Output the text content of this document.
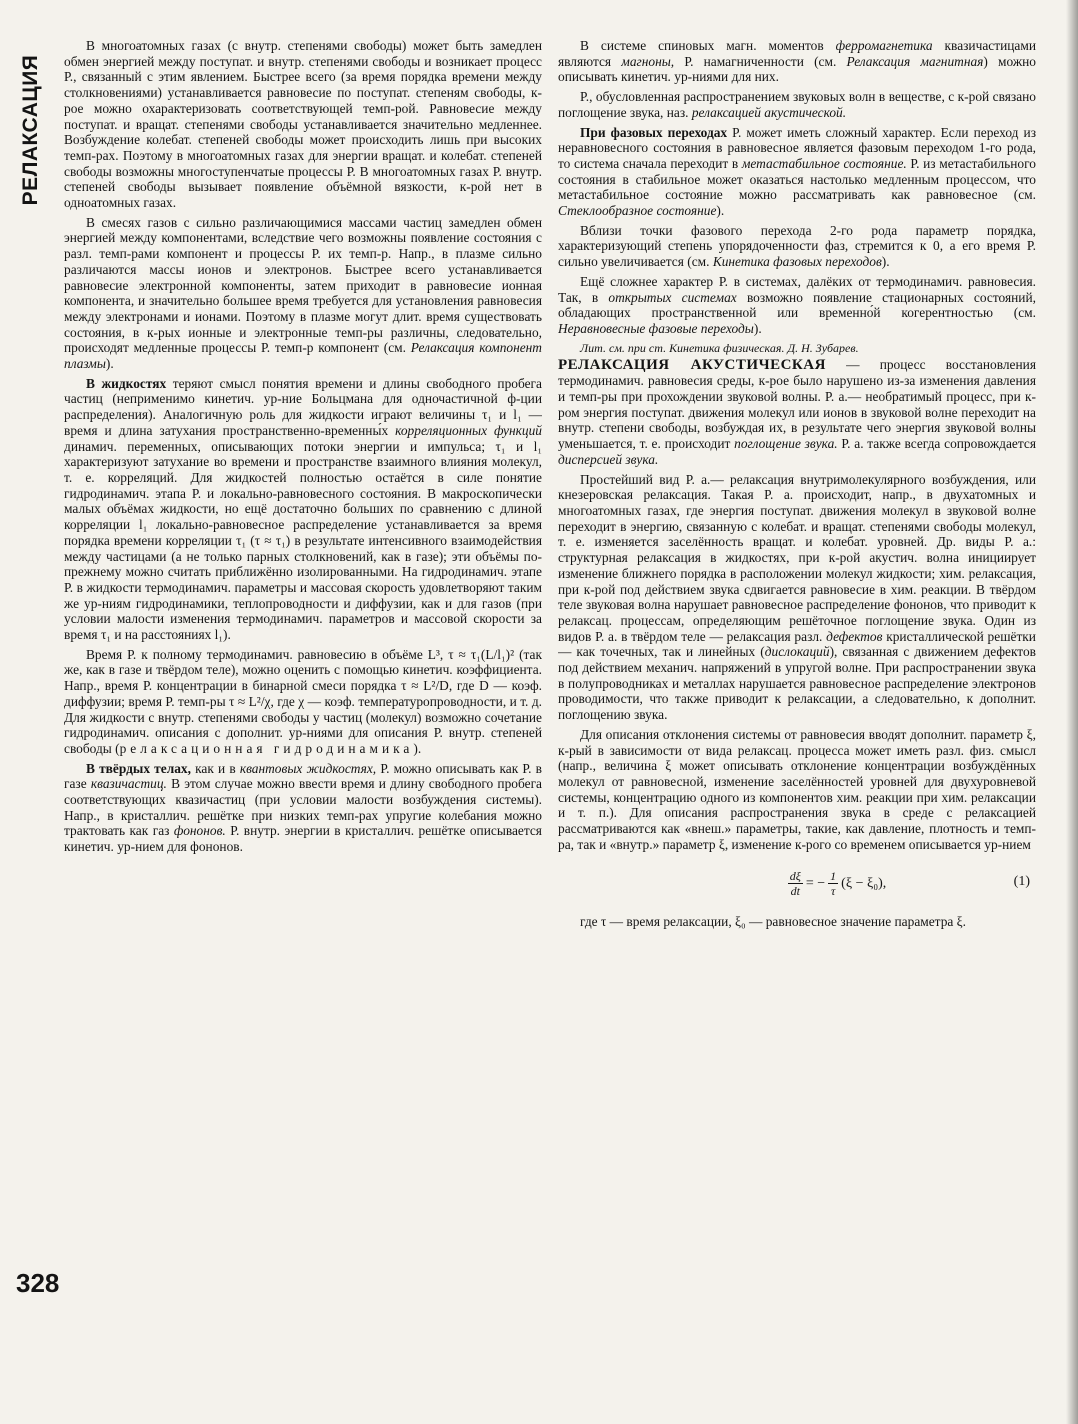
РЕЛАКСАЦИЯ

В многоатомных газах (с внутр. степенями свободы) может быть замедлен обмен энергией между поступат. и внутр. степенями свободы и возникает процесс Р., связанный с этим явлением. Быстрее всего (за время порядка времени между столкновениями) устанавливается равновесие по поступат. степеням свободы, к-рое можно охарактеризовать соответствующей темп-рой. Равновесие между поступат. и вращат. степенями свободы устанавливается значительно медленнее. Возбуждение колебат. степеней свободы может происходить лишь при высоких темп-рах. Поэтому в многоатомных газах для энергии вращат. и колебат. степеней свободы возможны многоступенчатые процессы Р. В многоатомных газах Р. внутр. степеней свободы вызывает появление объёмной вязкости, к-рой нет в одноатомных газах.

В смесях газов с сильно различающимися массами частиц замедлен обмен энергией между компонентами, вследствие чего возможны появление состояния с разл. темп-рами компонент и процессы Р. их темп-р. Напр., в плазме сильно различаются массы ионов и электронов. Быстрее всего устанавливается равновесие электронной компоненты, затем приходит в равновесие ионная компонента, и значительно большее время требуется для установления равновесия между электронами и ионами. Поэтому в плазме могут длит. время существовать состояния, в к-рых ионные и электронные темп-ры различны, следовательно, происходят медленные процессы Р. темп-р компонент (см. Релаксация компонент плазмы).

В жидкостях теряют смысл понятия времени и длины свободного пробега частиц (неприменимо кинетич. ур-ние Больцмана для одночастичной ф-ции распределения). Аналогичную роль для жидкости играют величины τ₁ и l₁ — время и длина затухания пространственно-временны́х корреляционных функций динамич. переменных, описывающих потоки энергии и импульса; τ₁ и l₁ характеризуют затухание во времени и пространстве взаимного влияния молекул, т. е. корреляций. Для жидкостей полностью остаётся в силе понятие гидродинамич. этапа Р. и локально-равновесного состояния. В макроскопически малых объёмах жидкости, но ещё достаточно больших по сравнению с длиной корреляции l₁ локально-равновесное распределение устанавливается за время порядка времени корреляции τ₁ (τ ≈ τ₁) в результате интенсивного взаимодействия между частицами (а не только парных столкновений, как в газе); эти объёмы по-прежнему можно считать приближённо изолированными. На гидродинамич. этапе Р. в жидкости термодинамич. параметры и массовая скорость удовлетворяют таким же ур-ниям гидродинамики, теплопроводности и диффузии, как и для газов (при условии малости изменения термодинамич. параметров и массовой скорости за время τ₁ и на расстояниях l₁).

Время Р. к полному термодинамич. равновесию в объёме L³, τ ≈ τ₁(L/l₁)² (так же, как в газе и твёрдом теле), можно оценить с помощью кинетич. коэффициента. Напр., время Р. концентрации в бинарной смеси порядка τ ≈ L²/D, где D — коэф. диффузии; время Р. темп-ры τ ≈ L²/χ, где χ — коэф. температуропроводности, и т. д. Для жидкости с внутр. степенями свободы у частиц (молекул) возможно сочетание гидродинамич. описания с дополнит. ур-ниями для описания Р. внутр. степеней свободы (релаксационная гидродинамика).

В твёрдых телах, как и в квантовых жидкостях, Р. можно описывать как Р. в газе квазичастиц. В этом случае можно ввести время и длину свободного пробега соответствующих квазичастиц (при условии малости возбуждения системы). Напр., в кристаллич. решётке при низких темп-рах упругие колебания можно трактовать как газ фононов. Р. внутр. энергии в кристаллич. решётке описывается кинетич. ур-нием для фононов.

В системе спиновых магн. моментов ферромагнетика квазичастицами являются магноны, Р. намагниченности (см. Релаксация магнитная) можно описывать кинетич. ур-ниями для них.

Р., обусловленная распространением звуковых волн в веществе, с к-рой связано поглощение звука, наз. релаксацией акустической.

При фазовых переходах Р. может иметь сложный характер. Если переход из неравновесного состояния в равновесное является фазовым переходом 1-го рода, то система сначала переходит в метастабильное состояние. Р. из метастабильного состояния в стабильное может оказаться настолько медленным процессом, что метастабильное состояние можно рассматривать как равновесное (см. Стеклообразное состояние).

Вблизи точки фазового перехода 2-го рода параметр порядка, характеризующий степень упорядоченности фаз, стремится к 0, а его время Р. сильно увеличивается (см. Кинетика фазовых переходов).

Ещё сложнее характер Р. в системах, далёких от термодинамич. равновесия. Так, в открытых системах возможно появление стационарных состояний, обладающих пространственной или временно́й когерентностью (см. Неравновесные фазовые переходы).

Лит. см. при ст. Кинетика физическая. Д. Н. Зубарев.

РЕЛАКСАЦИЯ АКУСТИЧЕСКАЯ — процесс восстановления термодинамич. равновесия среды, к-рое было нарушено из-за изменения давления и темп-ры при прохождении звуковой волны. Р. а.— необратимый процесс, при к-ром энергия поступат. движения молекул или ионов в звуковой волне переходит на внутр. степени свободы, возбуждая их, в результате чего энергия звуковой волны уменьшается, т. е. происходит поглощение звука. Р. а. также всегда сопровождается дисперсией звука.

Простейший вид Р. а.— релаксация внутримолекулярного возбуждения, или кнезеровская релаксация. Такая Р. а. происходит, напр., в двухатомных и многоатомных газах, где энергия поступат. движения молекул в звуковой волне переходит в энергию, связанную с колебат. и вращат. степенями свободы молекул, т. е. изменяется заселённость вращат. и колебат. уровней. Др. виды Р. а.: структурная релаксация в жидкостях, при к-рой акустич. волна инициирует изменение ближнего порядка в расположении молекул жидкости; хим. релаксация, при к-рой под действием звука сдвигается равновесие в хим. реакции. В твёрдом теле звуковая волна нарушает равновесное распределение фононов, что приводит к релаксац. процессам, определяющим решёточное поглощение звука. Один из видов Р. а. в твёрдом теле — релаксация разл. дефектов кристаллической решётки — как точечных, так и линейных (дислокаций), связанная с движением дефектов под действием механич. напряжений в упругой волне. При распространении звука в полупроводниках и металлах нарушается равновесное распределение электронов проводимости, что также приводит к релаксации, а следовательно, к дополнит. поглощению звука.

Для описания отклонения системы от равновесия вводят дополнит. параметр ξ, к-рый в зависимости от вида релаксац. процесса может иметь разл. физ. смысл (напр., величина ξ может описывать отклонение концентрации возбуждённых молекул от равновесной, изменение заселённостей уровней для двухуровневой системы, концентрацию одного из компонентов хим. реакции при хим. релаксации и т. п.). Для описания распространения звука в среде с релаксацией рассматриваются как «внеш.» параметры, такие, как давление, плотность и темп-ра, так и «внутр.» параметр ξ, изменение к-рого со временем описывается ур-нием

$\frac{d\xi}{dt}$ = − $\frac{1}{\tau} (\xi - \xi_0)$,	(1)

где τ — время релаксации, ξ₀ — равновесное значение параметра ξ.

328
